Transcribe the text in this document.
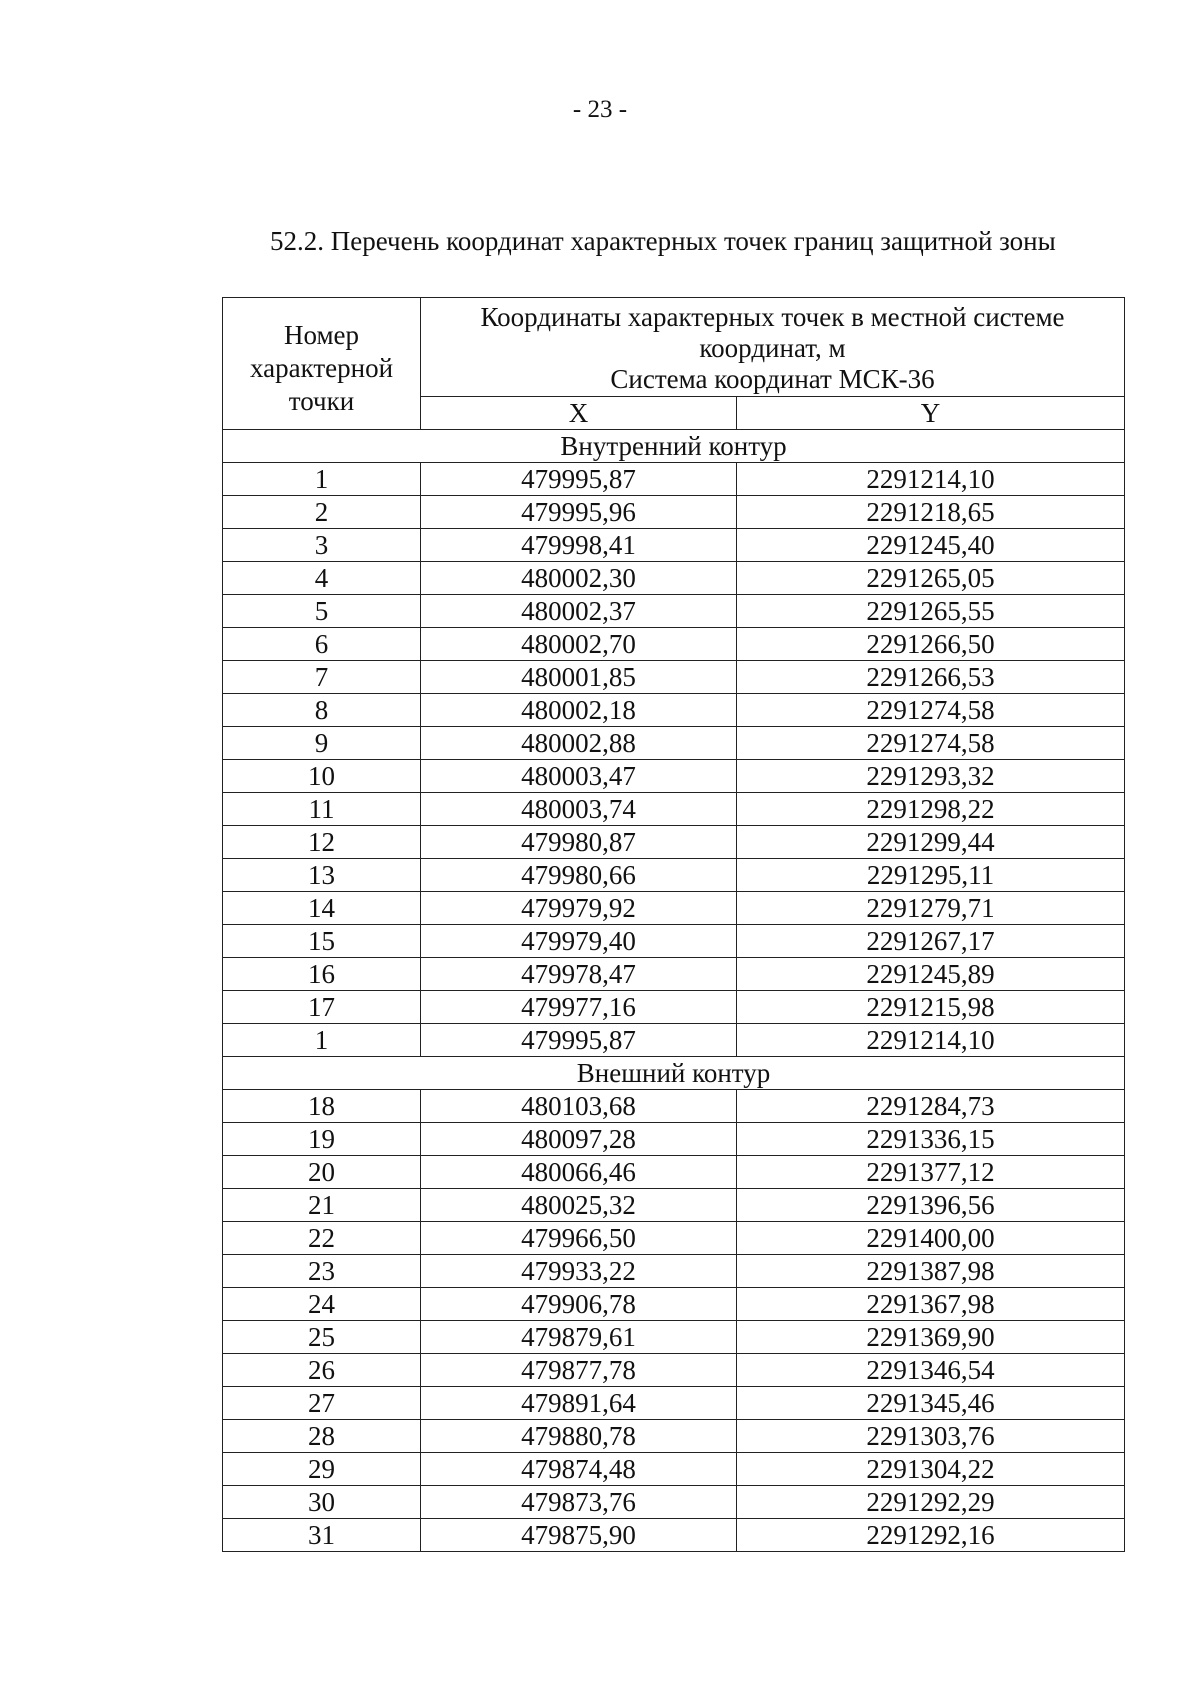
- 23 -
52.2. Перечень координат характерных точек границ защитной зоны
Номер
характерной
точки	Координаты характерных точек в местной системе
координат, м
Система координат МСК-36	

	X	Y
Внутренний контур		
1	479995,87	2291214,10
2	479995,96	2291218,65
3	479998,41	2291245,40
4	480002,30	2291265,05
5	480002,37	2291265,55
6	480002,70	2291266,50
7	480001,85	2291266,53
8	480002,18	2291274,58
9	480002,88	2291274,58
10	480003,47	2291293,32
11	480003,74	2291298,22
12	479980,87	2291299,44
13	479980,66	2291295,11
14	479979,92	2291279,71
15	479979,40	2291267,17
16	479978,47	2291245,89
17	479977,16	2291215,98
1	479995,87	2291214,10
Внешний контур		
18	480103,68	2291284,73
19	480097,28	2291336,15
20	480066,46	2291377,12
21	480025,32	2291396,56
22	479966,50	2291400,00
23	479933,22	2291387,98
24	479906,78	2291367,98
25	479879,61	2291369,90
26	479877,78	2291346,54
27	479891,64	2291345,46
28	479880,78	2291303,76
29	479874,48	2291304,22
30	479873,76	2291292,29
31	479875,90	2291292,16
